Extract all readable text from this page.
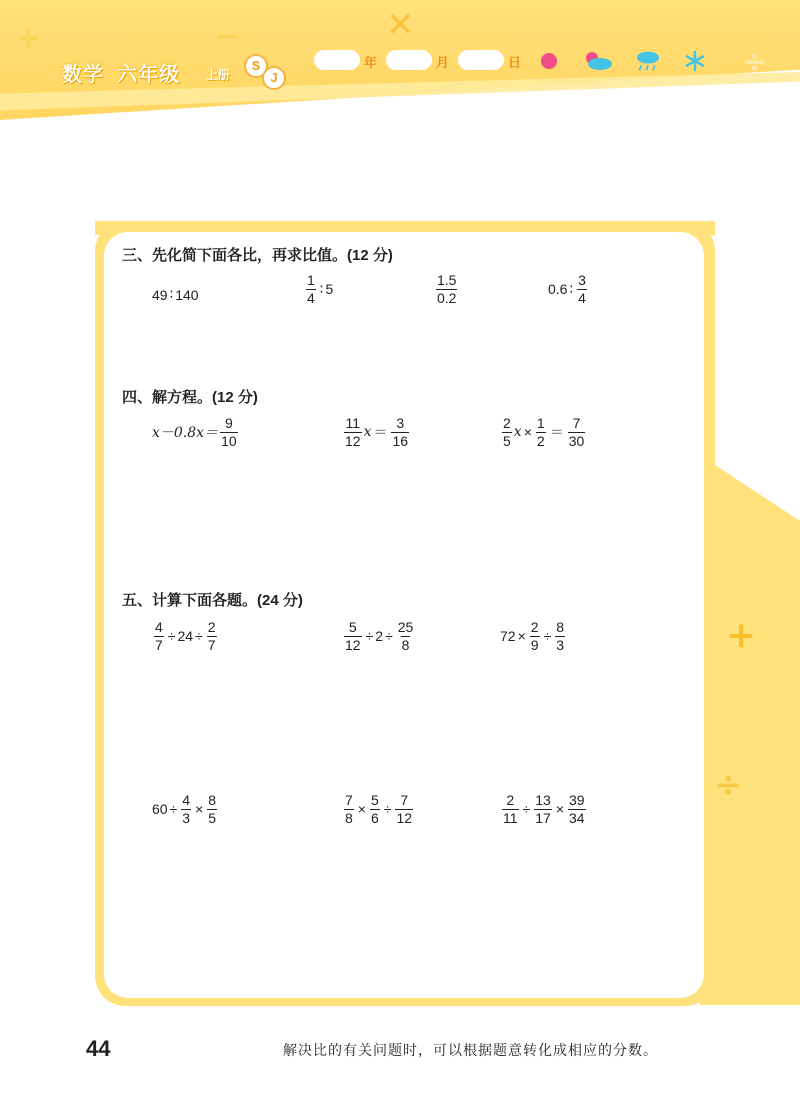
+	−	✕
÷
数学 六年级 上册
S
J
年	月	日
+
÷
三、先化简下面各比，再求比值。(12 分)
49 ∶ 140	$\frac{1}{4}$ ∶ 5	$\frac{1.5}{0.2}$	0.6 ∶ $\frac{3}{4}$
四、解方程。(12 分)
$x-0.8x= \frac{9}{10}$	$\frac{11}{12}$ $x = \frac{3}{16}$	$\frac{2}{5}$ $x \times \frac{1}{2} = \frac{7}{30}$
五、计算下面各题。(24 分)
$\frac{4}{7} \div 24 \div \frac{2}{7}$	$\frac{5}{12} \div 2 \div \frac{25}{8}$	$72 \times \frac{2}{9} \div \frac{8}{3}$
$60 \div \frac{4}{3} \times \frac{8}{5}$	$\frac{7}{8} \times \frac{5}{6} \div \frac{7}{12}$	$\frac{2}{11} \div \frac{13}{17} \times \frac{39}{34}$
44	解决比的有关问题时，可以根据题意转化成相应的分数。
